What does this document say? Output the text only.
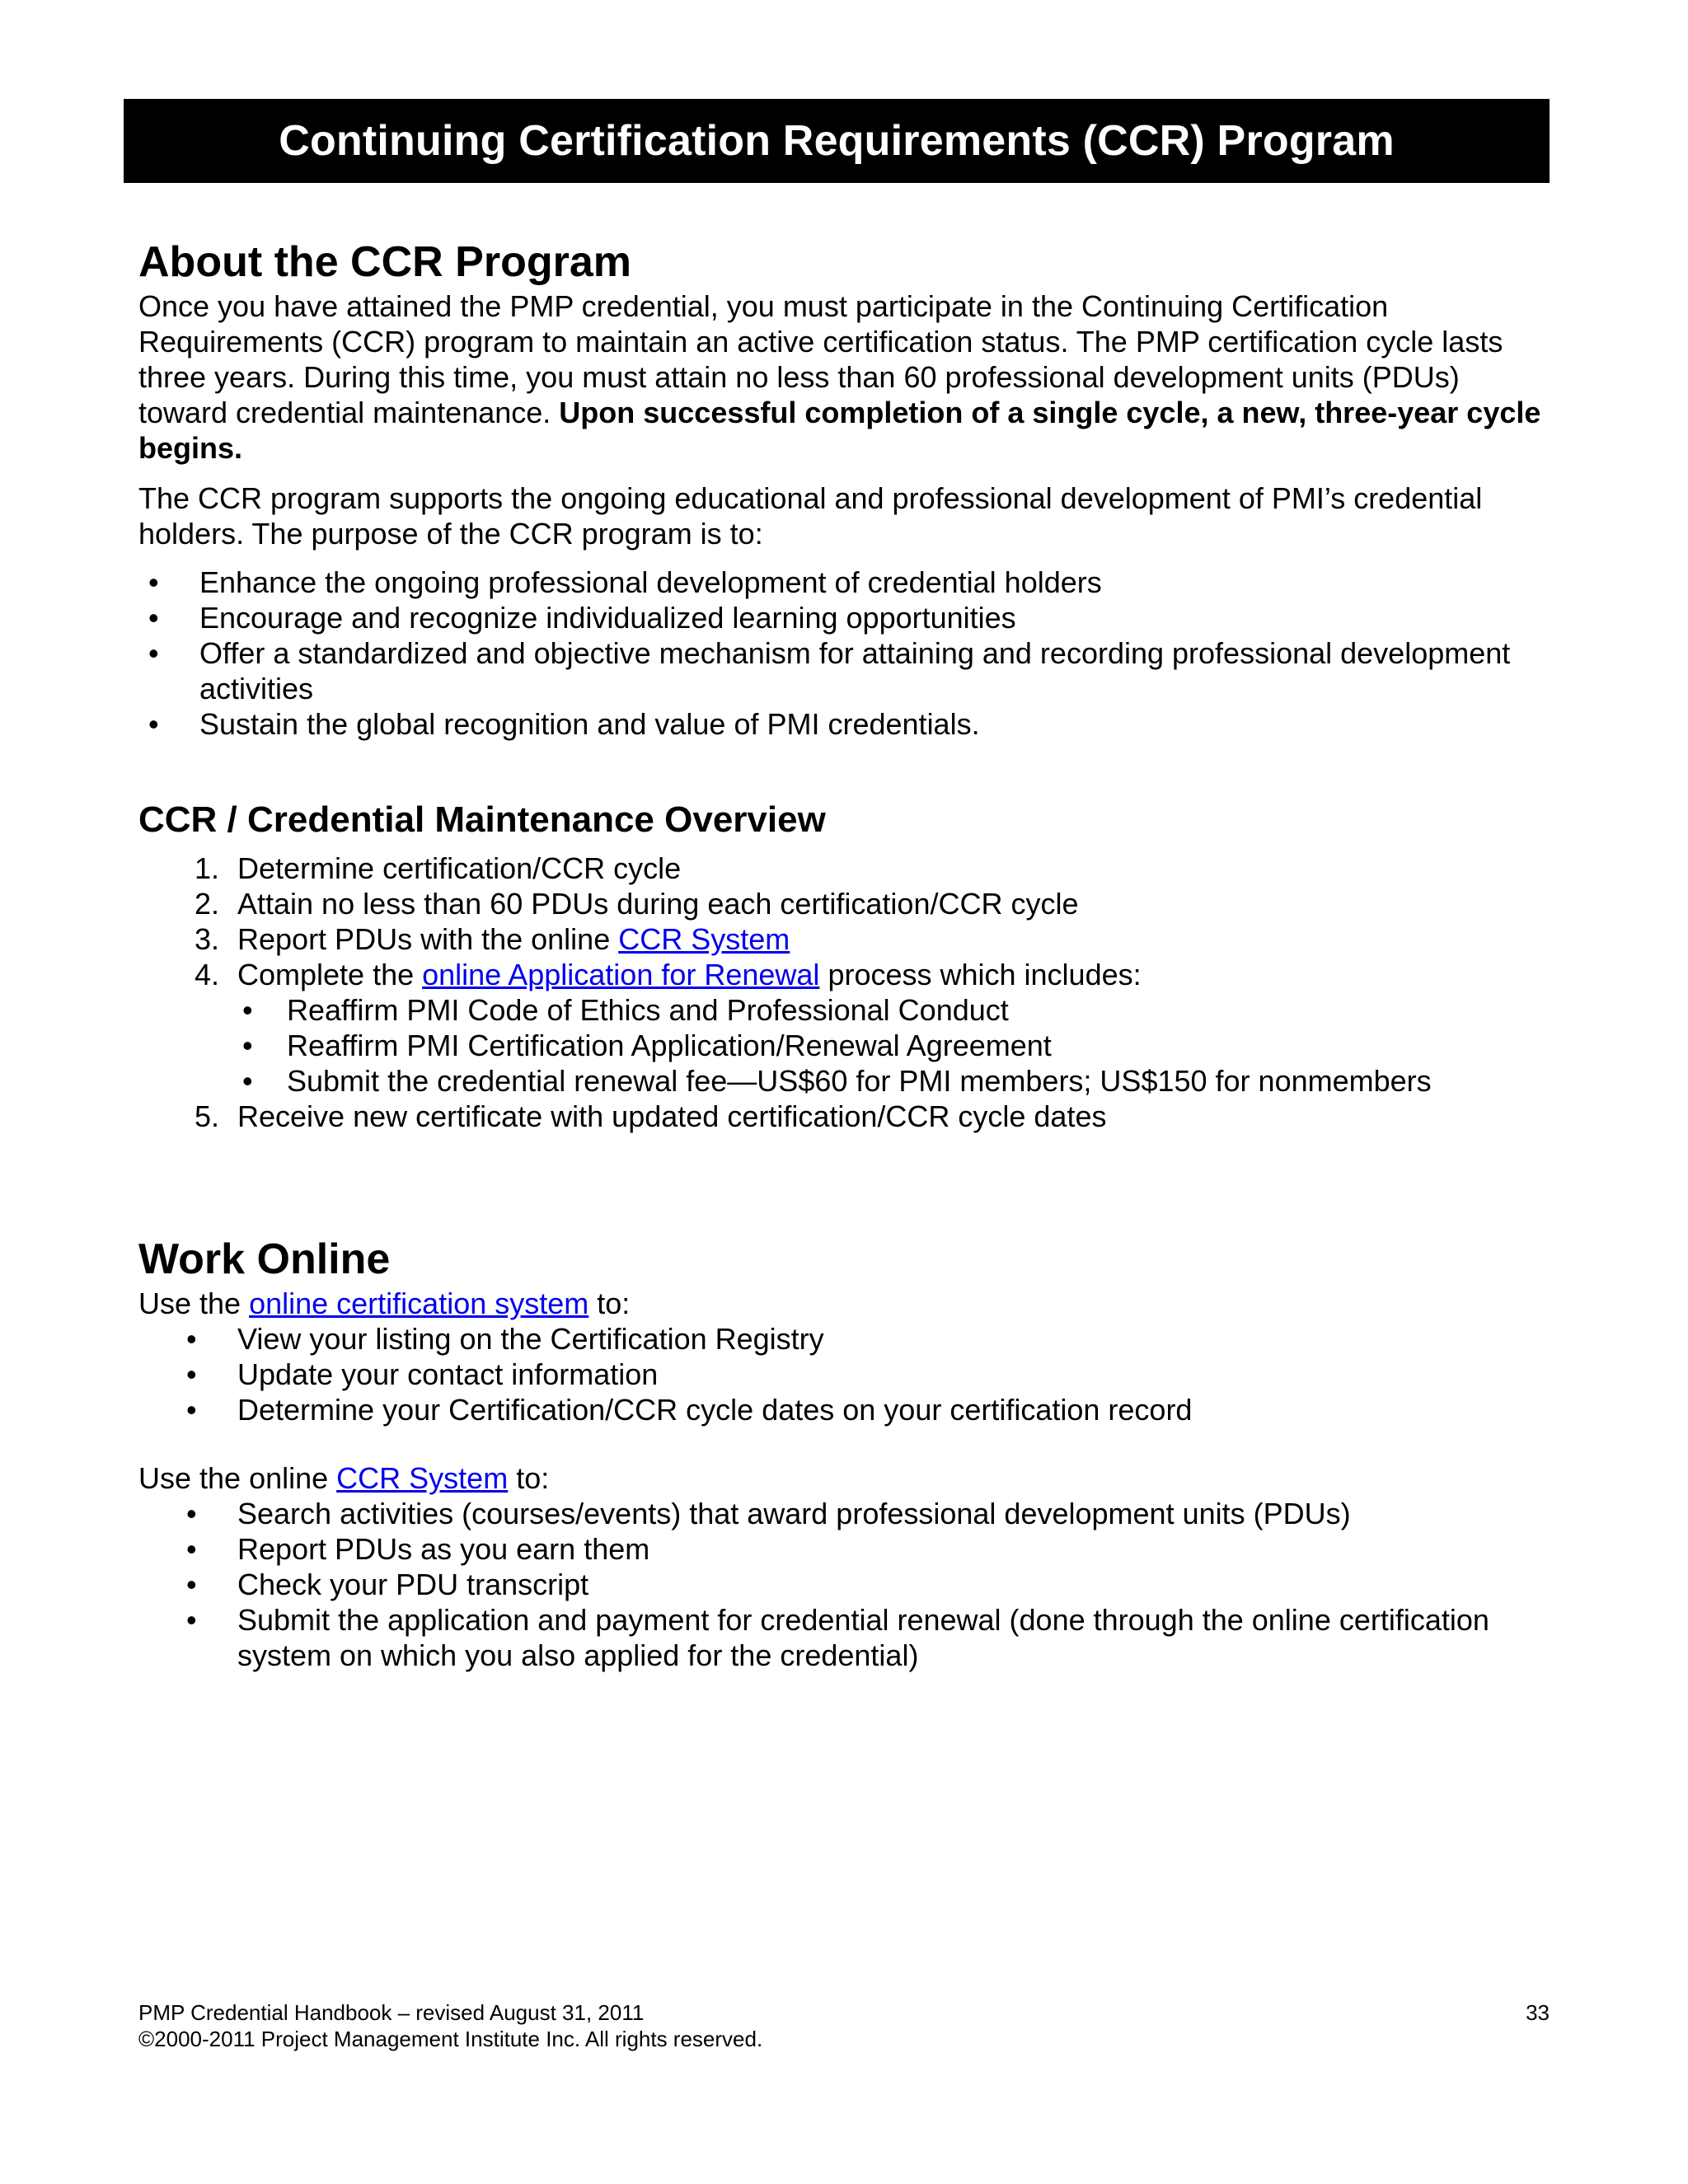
Continuing Certification Requirements (CCR) Program
About the CCR Program

Once you have attained the PMP credential, you must participate in the Continuing Certification Requirements (CCR) program to maintain an active certification status. The PMP certification cycle lasts three years. During this time, you must attain no less than 60 professional development units (PDUs) toward credential maintenance. Upon successful completion of a single cycle, a new, three-year cycle begins.

The CCR program supports the ongoing educational and professional development of PMI’s credential holders. The purpose of the CCR program is to:

• Enhance the ongoing professional development of credential holders
• Encourage and recognize individualized learning opportunities
• Offer a standardized and objective mechanism for attaining and recording professional development activities
• Sustain the global recognition and value of PMI credentials.
CCR / Credential Maintenance Overview
1. Determine certification/CCR cycle
2. Attain no less than 60 PDUs during each certification/CCR cycle
3. Report PDUs with the online CCR System
4. Complete the online Application for Renewal process which includes:
• Reaffirm PMI Code of Ethics and Professional Conduct
• Reaffirm PMI Certification Application/Renewal Agreement
• Submit the credential renewal fee—US$60 for PMI members; US$150 for nonmembers
5. Receive new certificate with updated certification/CCR cycle dates
Work Online

Use the online certification system to:

• View your listing on the Certification Registry
• Update your contact information
• Determine your Certification/CCR cycle dates on your certification record

Use the online CCR System to:

• Search activities (courses/events) that award professional development units (PDUs)
• Report PDUs as you earn them
• Check your PDU transcript
• Submit the application and payment for credential renewal (done through the online certification system on which you also applied for the credential)
PMP Credential Handbook – revised August 31, 2011
©2000-2011 Project Management Institute Inc. All rights reserved.
33
